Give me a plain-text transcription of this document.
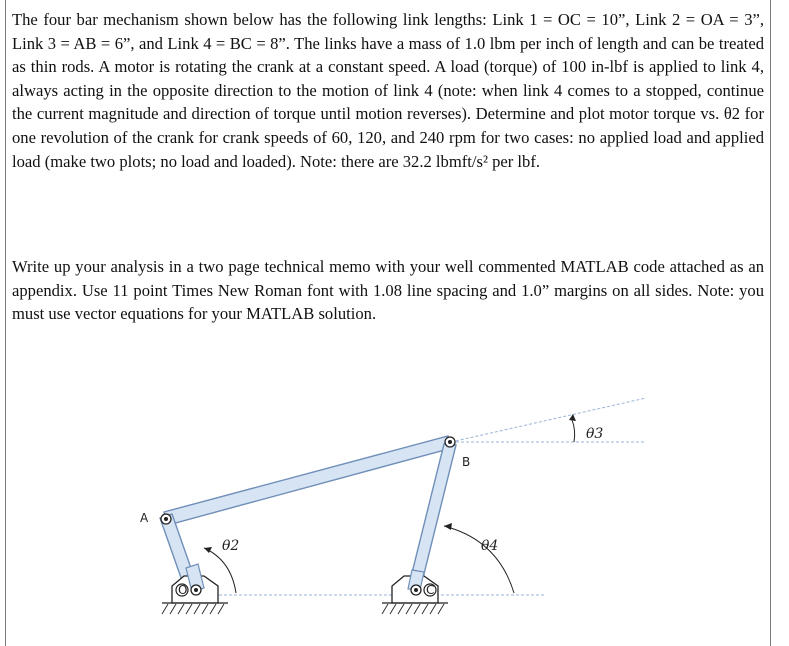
The four bar mechanism shown below has the following link lengths: Link 1 = OC = 10”, Link 2 = OA = 3”, Link 3 = AB = 6”, and Link 4 = BC = 8”. The links have a mass of 1.0 lbm per inch of length and can be treated as thin rods. A motor is rotating the crank at a constant speed. A load (torque) of 100 in-lbf is applied to link 4, always acting in the opposite direction to the motion of link 4 (note: when link 4 comes to a stopped, continue the current magnitude and direction of torque until motion reverses). Determine and plot motor torque vs. θ2 for one revolution of the crank for crank speeds of 60, 120, and 240 rpm for two cases: no applied load and applied load (make two plots; no load and loaded). Note: there are 32.2 lbmft/s² per lbf.

Write up your analysis in a two page technical memo with your well commented MATLAB code attached as an appendix. Use 11 point Times New Roman font with 1.08 line spacing and 1.0” margins on all sides. Note: you must use vector equations for your MATLAB solution.

O	C
A
B
θ2	θ4
θ3
